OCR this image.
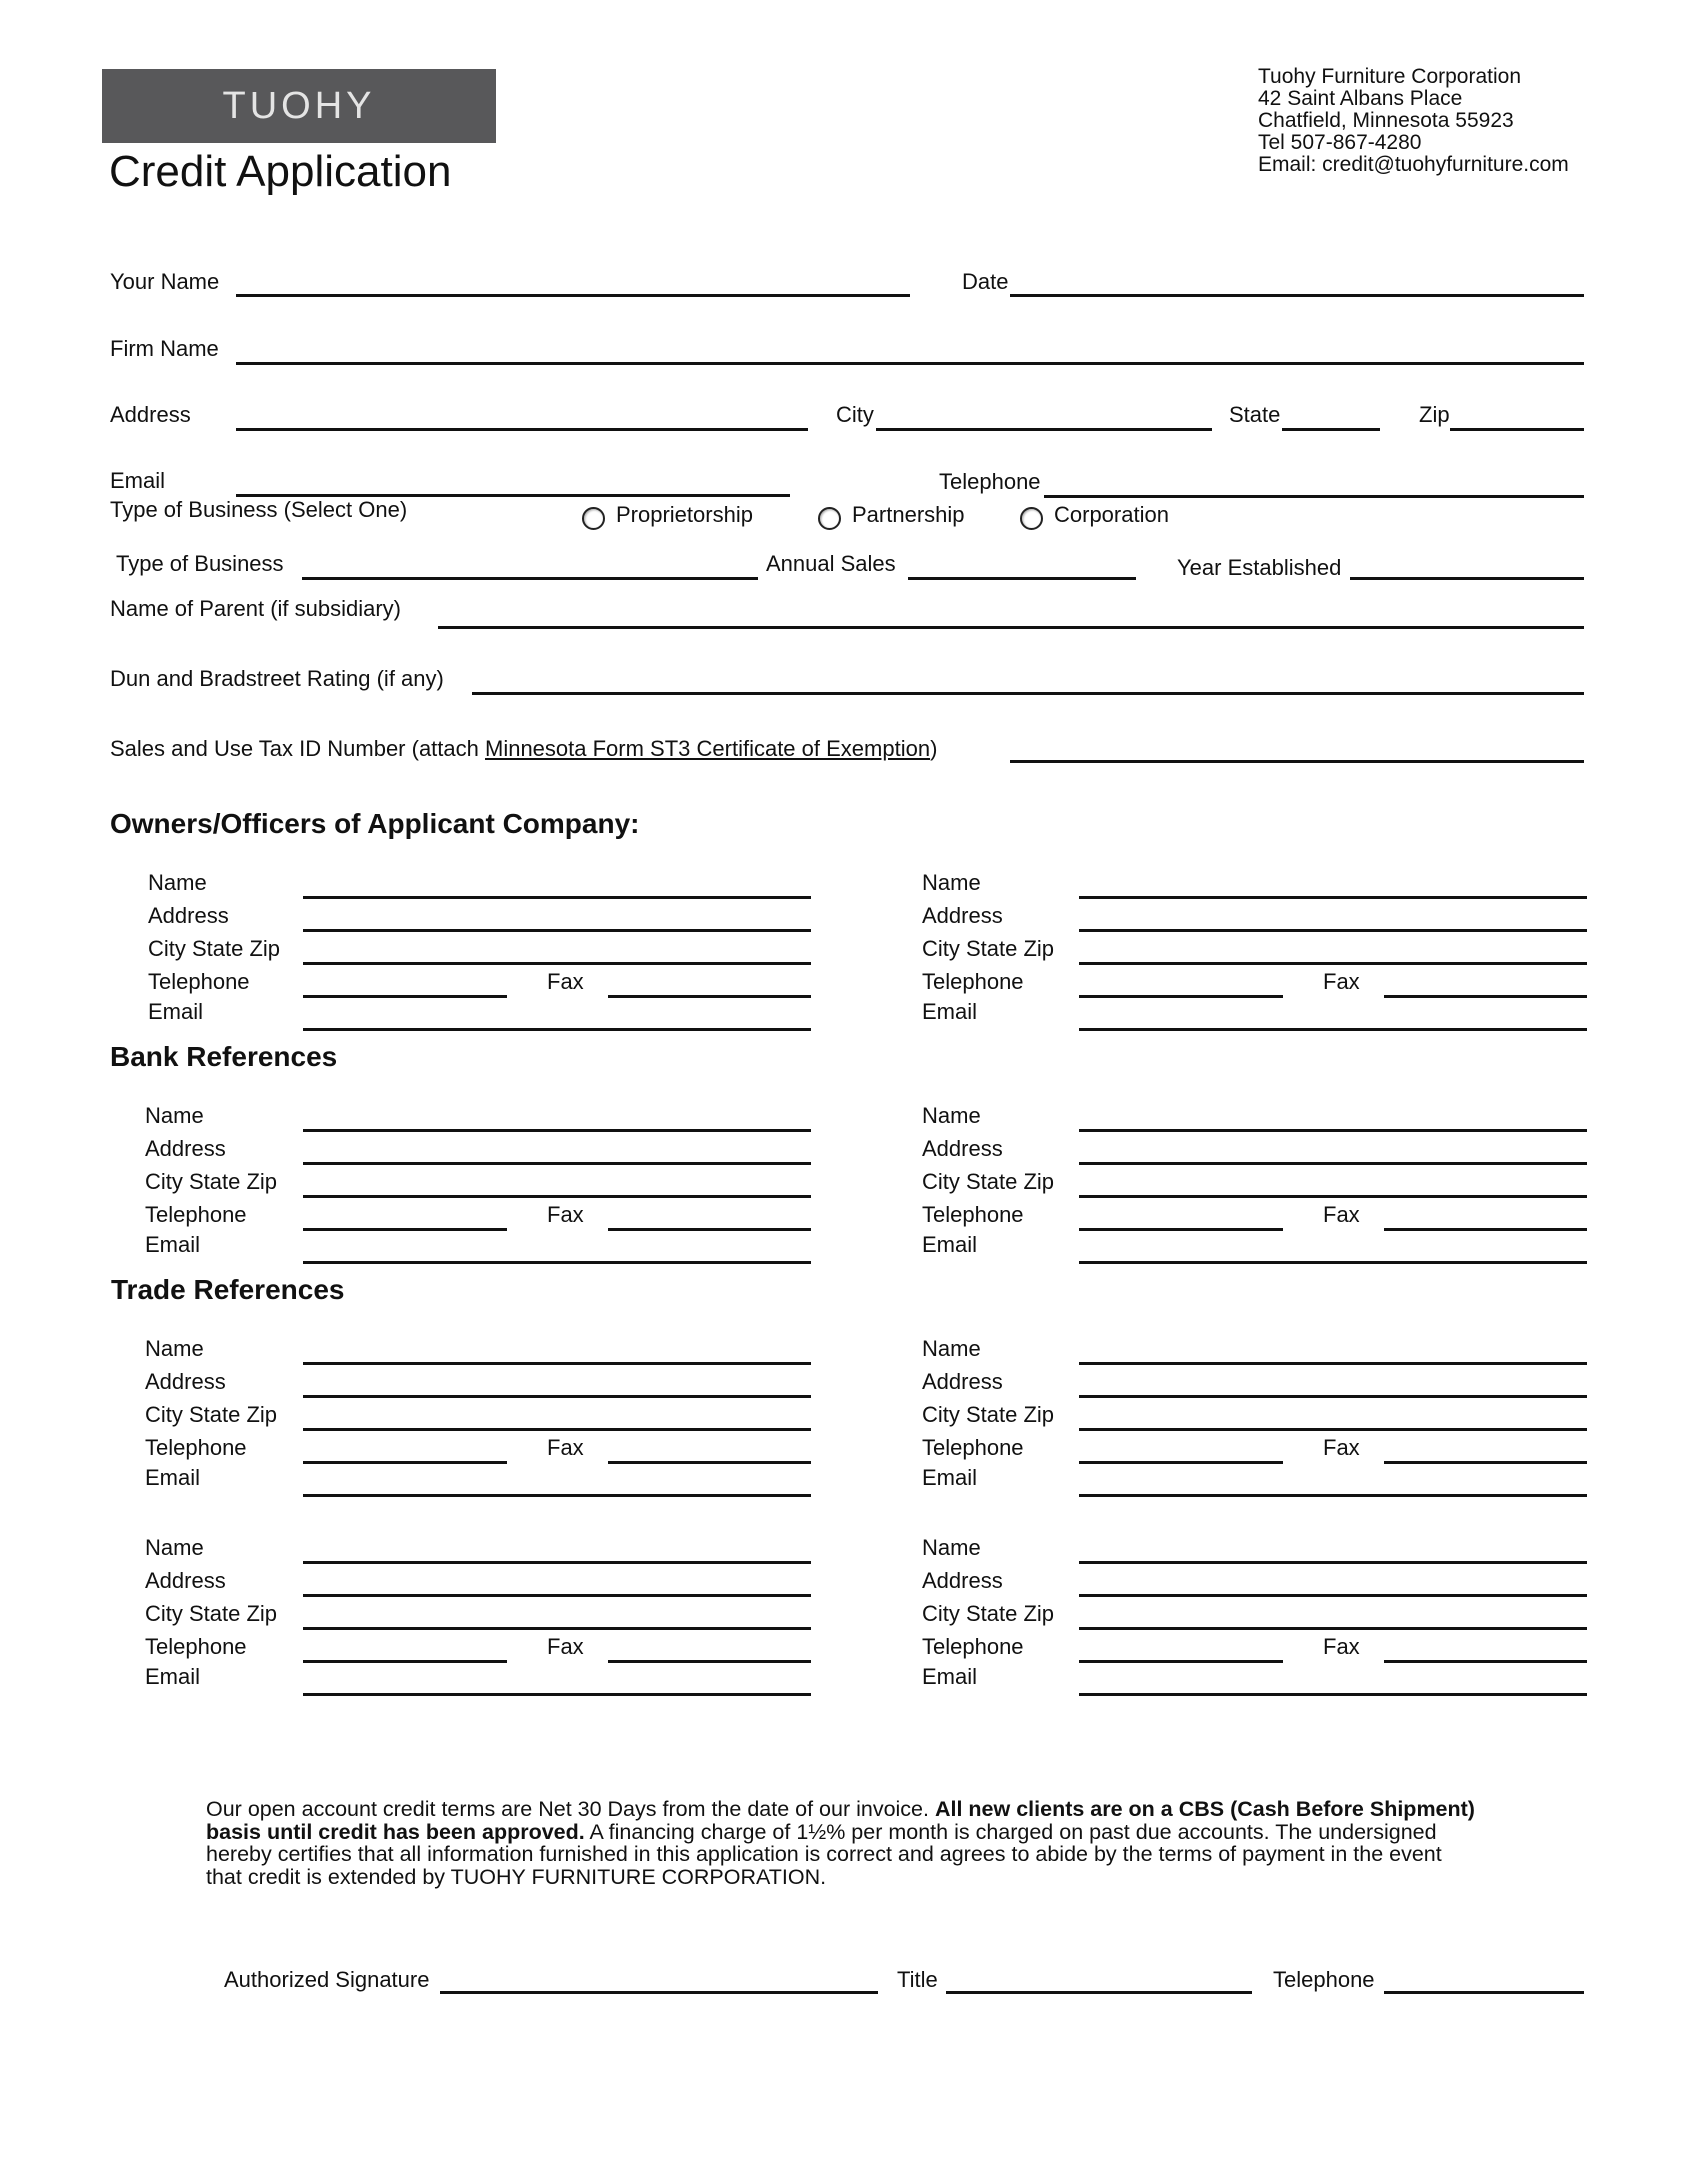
TUOHY
Credit Application
Tuohy Furniture Corporation
42 Saint Albans Place
Chatfield, Minnesota 55923
Tel 507-867-4280
Email: credit@tuohyfurniture.com
Your Name	Date
Firm Name
Address	City	State	Zip
Email	Telephone
Type of Business (Select One)	Proprietorship	Partnership	Corporation
Type of Business	Annual Sales	Year Established
Name of Parent (if subsidiary)
Dun and Bradstreet Rating (if any)
Sales and Use Tax ID Number (attach Minnesota Form ST3 Certificate of Exemption)
Owners/Officers of Applicant Company:
Bank References
Trade References
Name
Address
City State Zip
Telephone	Fax
Email
Name
Address
City State Zip
Telephone	Fax
Email
Name
Address
City State Zip
Telephone	Fax
Email
Name
Address
City State Zip
Telephone	Fax
Email
Name
Address
City State Zip
Telephone	Fax
Email
Name
Address
City State Zip
Telephone	Fax
Email
Name
Address
City State Zip
Telephone	Fax
Email
Name
Address
City State Zip
Telephone	Fax
Email
Our open account credit terms are Net 30 Days from the date of our invoice. All new clients are on a CBS (Cash Before Shipment)
basis until credit has been approved. A financing charge of 1½% per month is charged on past due accounts. The undersigned
hereby certifies that all information furnished in this application is correct and agrees to abide by the terms of payment in the event
that credit is extended by TUOHY FURNITURE CORPORATION.
Authorized Signature	Title	Telephone
